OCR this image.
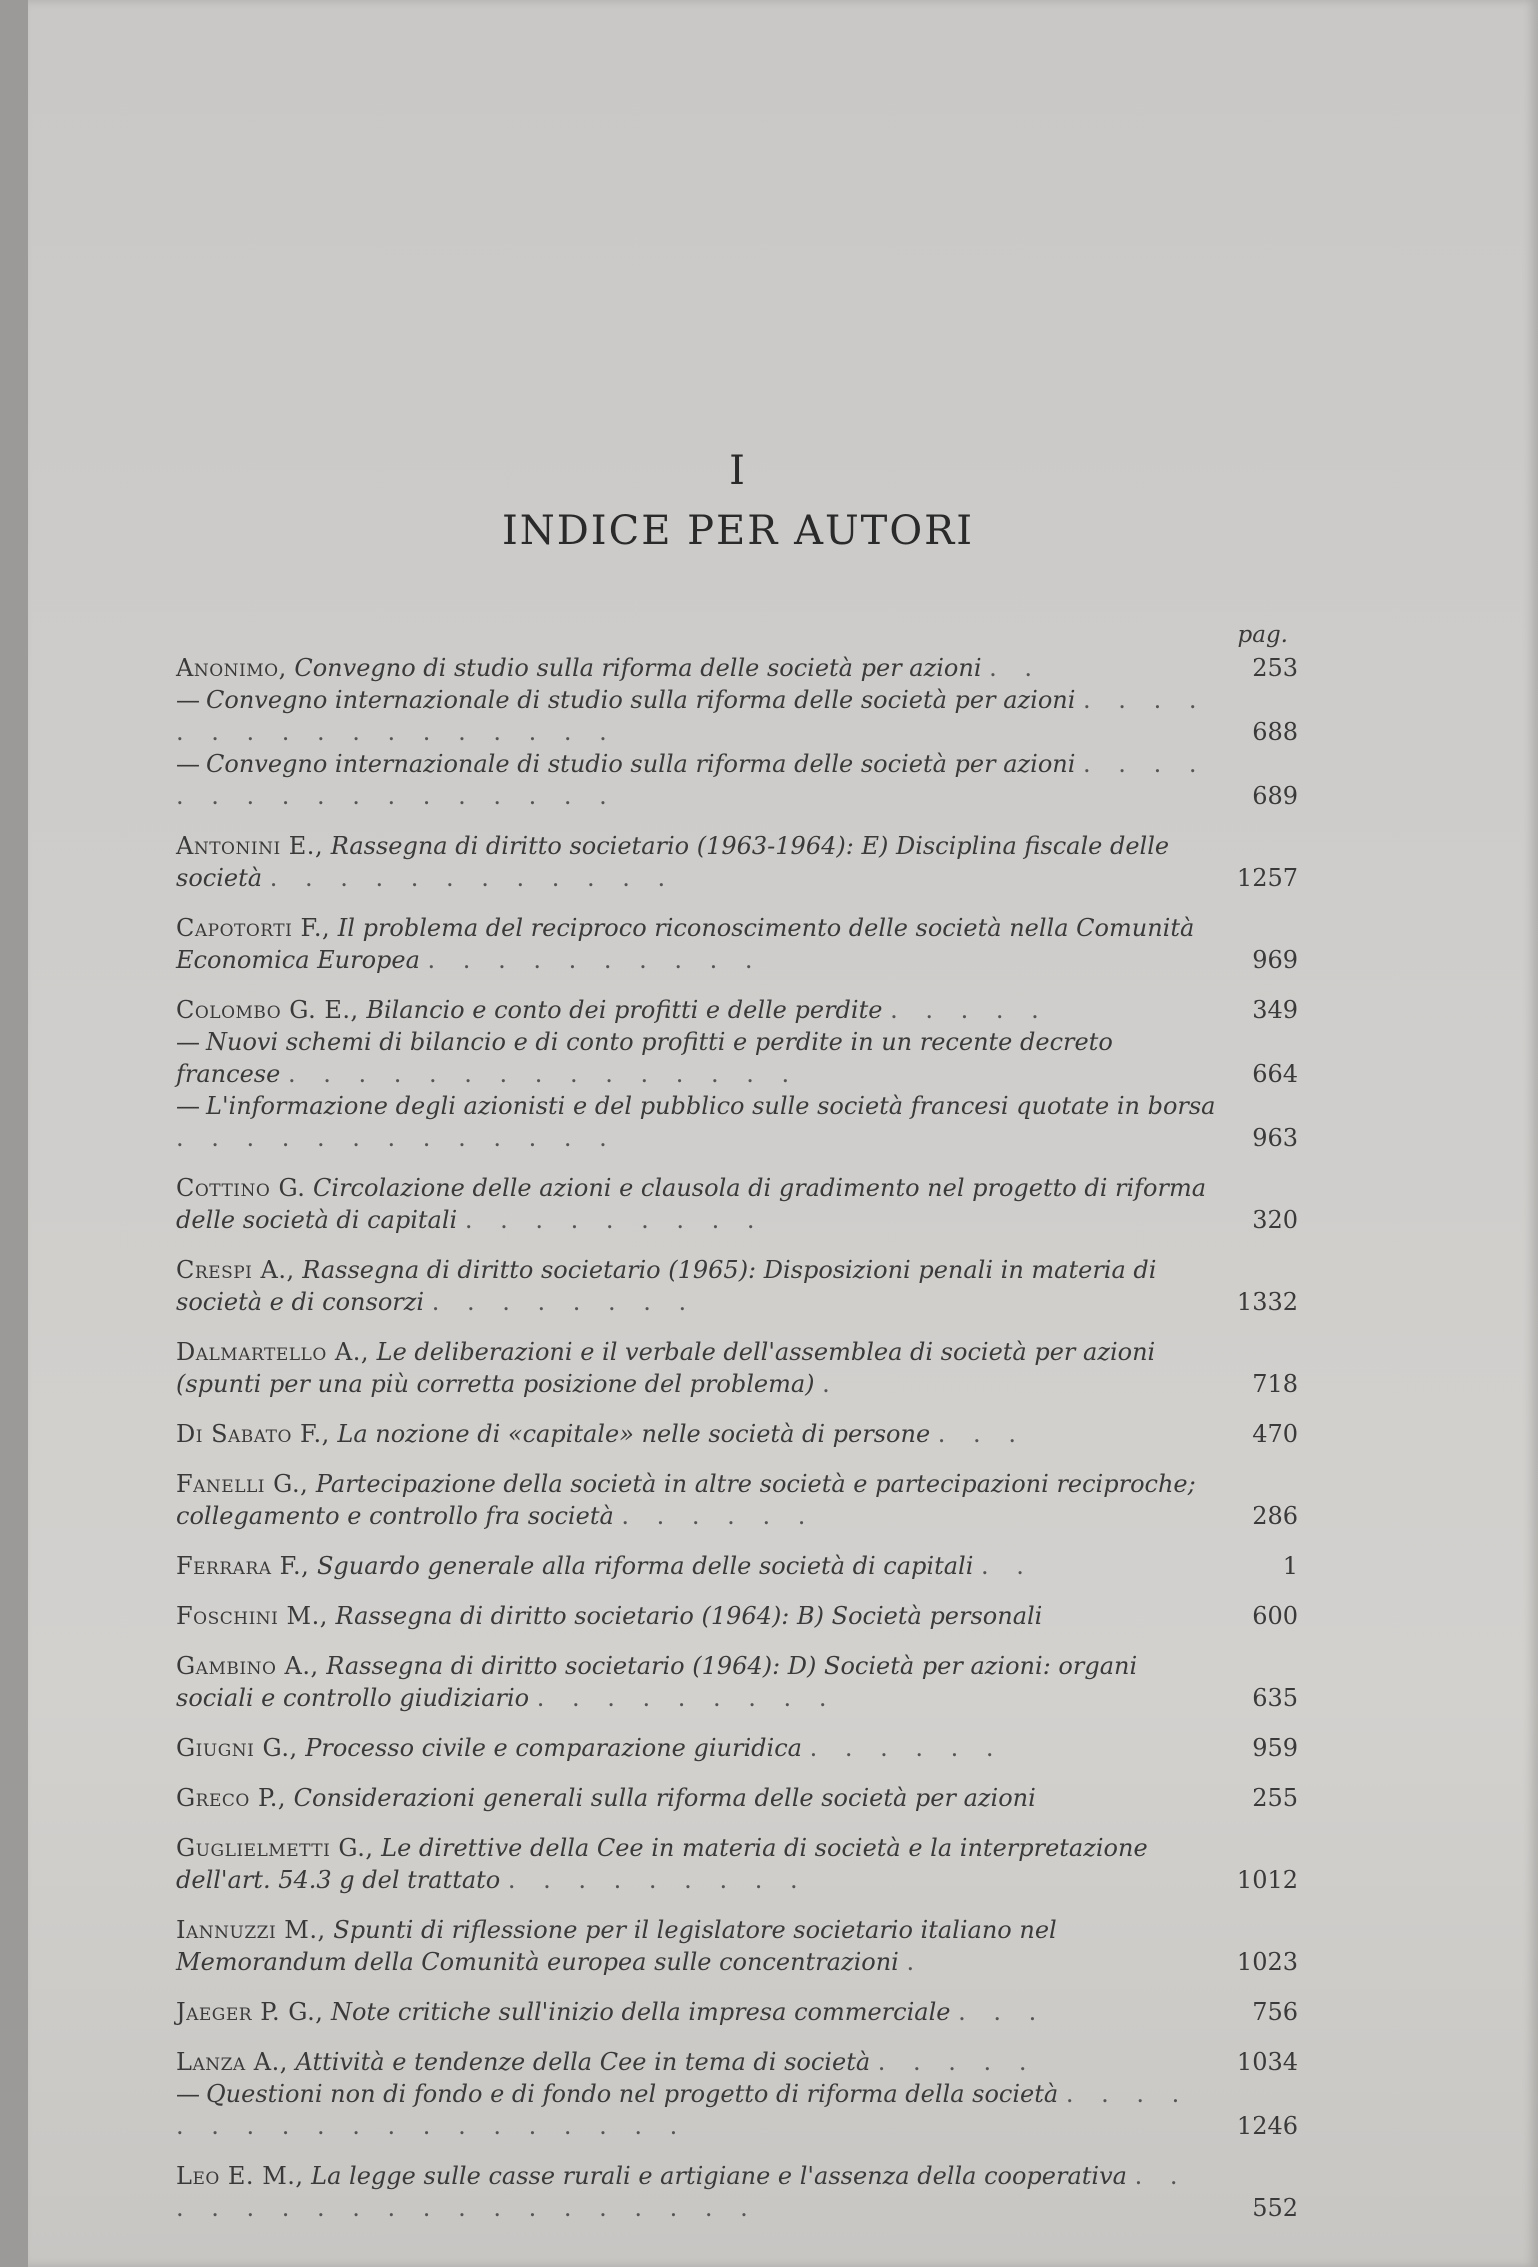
I
INDICE PER AUTORI
pag.
Anonimo, Convegno di studio sulla riforma delle società per azioni . .	253
— Convegno internazionale di studio sulla riforma delle società per azioni . . . . . . . . . . . . . . . . .	688
— Convegno internazionale di studio sulla riforma delle società per azioni . . . . . . . . . . . . . . . . .	689
Antonini E., Rassegna di diritto societario (1963-1964): E) Disciplina fiscale delle società . . . . . . . . . . . .	1257
Capotorti F., Il problema del reciproco riconoscimento delle società nella Comunità Economica Europea . . . . . . . . . .	969
Colombo G. E., Bilancio e conto dei profitti e delle perdite . . . . .	349
— Nuovi schemi di bilancio e di conto profitti e perdite in un recente decreto francese . . . . . . . . . . . . . . .	664
— L'informazione degli azionisti e del pubblico sulle società francesi quotate in borsa . . . . . . . . . . . . .	963
Cottino G. Circolazione delle azioni e clausola di gradimento nel progetto di riforma delle società di capitali . . . . . . . . .	320
Crespi A., Rassegna di diritto societario (1965): Disposizioni penali in materia di società e di consorzi . . . . . . . .	1332
Dalmartello A., Le deliberazioni e il verbale dell'assemblea di società per azioni (spunti per una più corretta posizione del problema) .	718
Di Sabato F., La nozione di «capitale» nelle società di persone . . .	470
Fanelli G., Partecipazione della società in altre società e partecipazioni reciproche; collegamento e controllo fra società . . . . . .	286
Ferrara F., Sguardo generale alla riforma delle società di capitali . .	1
Foschini M., Rassegna di diritto societario (1964): B) Società personali	600
Gambino A., Rassegna di diritto societario (1964): D) Società per azioni: organi sociali e controllo giudiziario . . . . . . . . .	635
Giugni G., Processo civile e comparazione giuridica . . . . . .	959
Greco P., Considerazioni generali sulla riforma delle società per azioni	255
Guglielmetti G., Le direttive della Cee in materia di società e la interpretazione dell'art. 54.3 g del trattato . . . . . . . . .	1012
Iannuzzi M., Spunti di riflessione per il legislatore societario italiano nel Memorandum della Comunità europea sulle concentrazioni .	1023
Jaeger P. G., Note critiche sull'inizio della impresa commerciale . . .	756
Lanza A., Attività e tendenze della Cee in tema di società . . . . .	1034
— Questioni non di fondo e di fondo nel progetto di riforma della società . . . . . . . . . . . . . . . . . . .	1246
Leo E. M., La legge sulle casse rurali e artigiane e l'assenza della cooperativa . . . . . . . . . . . . . . . . . . .	552
